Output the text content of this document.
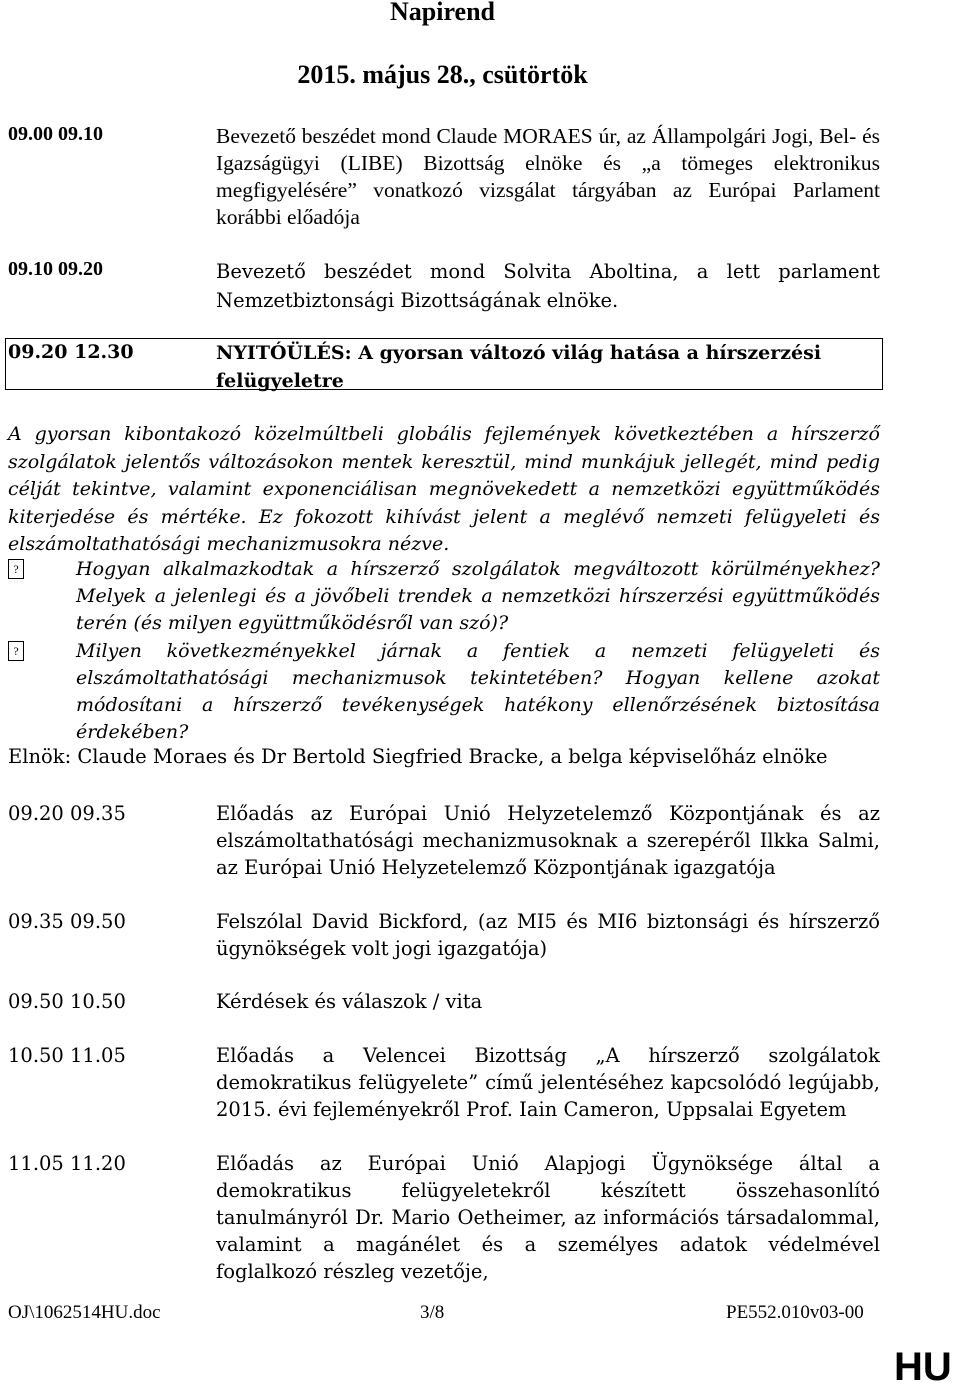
Napirend
2015. május 28., csütörtök
09.00 09.10	Bevezető beszédet mond Claude MORAES úr, az Állampolgári Jogi, Bel- és Igazságügyi (LIBE) Bizottság elnöke és „a tömeges elektronikus megfigyelésére” vonatkozó vizsgálat tárgyában az Európai Parlament korábbi előadója
09.10 09.20	Bevezető beszédet mond Solvita Aboltina, a lett parlament Nemzetbiztonsági Bizottságának elnöke.
09.20 12.30	NYITÓÜLÉS: A gyorsan változó világ hatása a hírszerzési felügyeletre
A gyorsan kibontakozó közelmúltbeli globális fejlemények következtében a hírszerző szolgálatok jelentős változásokon mentek keresztül, mind munkájuk jellegét, mind pedig célját tekintve, valamint exponenciálisan megnövekedett a nemzetközi együttműködés kiterjedése és mértéke. Ez fokozott kihívást jelent a meglévő nemzeti felügyeleti és elszámoltathatósági mechanizmusokra nézve.
?	Hogyan alkalmazkodtak a hírszerző szolgálatok megváltozott körülményekhez? Melyek a jelenlegi és a jövőbeli trendek a nemzetközi hírszerzési együttműködés terén (és milyen együttműködésről van szó)?
?	Milyen következményekkel járnak a fentiek a nemzeti felügyeleti és elszámoltathatósági mechanizmusok tekintetében? Hogyan kellene azokat módosítani a hírszerző tevékenységek hatékony ellenőrzésének biztosítása érdekében?
Elnök: Claude Moraes és Dr Bertold Siegfried Bracke, a belga képviselőház elnöke
09.20 09.35	Előadás az Európai Unió Helyzetelemző Központjának és az elszámoltathatósági mechanizmusoknak a szerepéről Ilkka Salmi, az Európai Unió Helyzetelemző Központjának igazgatója
09.35 09.50	Felszólal David Bickford, (az MI5 és MI6 biztonsági és hírszerző ügynökségek volt jogi igazgatója)
09.50 10.50	Kérdések és válaszok / vita
10.50 11.05	Előadás a Velencei Bizottság „A hírszerző szolgálatok demokratikus felügyelete” című jelentéséhez kapcsolódó legújabb, 2015. évi fejleményekről Prof. Iain Cameron, Uppsalai Egyetem
11.05 11.20	Előadás az Európai Unió Alapjogi Ügynöksége által a demokratikus felügyeletekről készített összehasonlító tanulmányról Dr. Mario Oetheimer, az információs társadalommal, valamint a magánélet és a személyes adatok védelmével foglalkozó részleg vezetője,
OJ\1062514HU.doc	3/8	PE552.010v03-00
HU
